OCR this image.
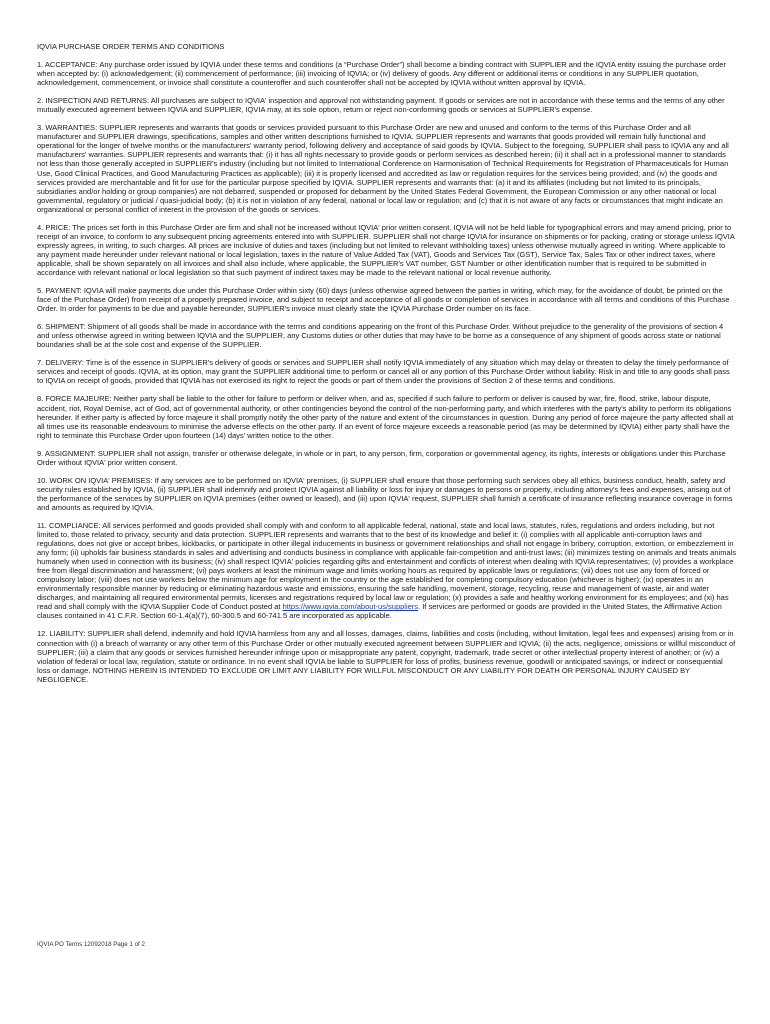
IQVIA PURCHASE ORDER TERMS AND CONDITIONS

1. ACCEPTANCE: Any purchase order issued by IQVIA under these terms and conditions (a “Purchase Order”) shall become a binding contract with SUPPLIER and the IQVIA entity issuing the purchase order when accepted by: (i) acknowledgement; (ii) commencement of performance; (iii) invoicing of IQVIA; or (iv) delivery of goods. Any different or additional items or conditions in any SUPPLIER quotation, acknowledgement, commencement, or invoice shall constitute a counteroffer and such counteroffer shall not be accepted by IQVIA without written approval by IQVIA.

2. INSPECTION AND RETURNS: All purchases are subject to IQVIA' inspection and approval not withstanding payment. If goods or services are not in accordance with these terms and the terms of any other mutually executed agreement between IQVIA and SUPPLIER, IQVIA may, at its sole option, return or reject non-conforming goods or services at SUPPLIER's expense.

3. WARRANTIES: SUPPLIER represents and warrants that goods or services provided pursuant to this Purchase Order are new and unused and conform to the terms of this Purchase Order and all manufacturer and SUPPLIER drawings, specifications, samples and other written descriptions furnished to IQVIA. SUPPLIER represents and warrants that goods provided will remain fully functional and operational for the longer of twelve months or the manufacturers' warranty period, following delivery and acceptance of said goods by IQVIA. Subject to the foregoing, SUPPLIER shall pass to IQVIA any and all manufacturers' warranties. SUPPLIER represents and warrants that: (i) it has all rights necessary to provide goods or perform services as described herein; (ii) it shall act in a professional manner to standards not less than those generally accepted in SUPPLIER's industry (including but not limited to International Conference on Harmonisation of Technical Requirements for Registration of Pharmaceuticals for Human Use, Good Clinical Practices, and Good Manufacturing Practices as applicable); (iii) it is properly licensed and accredited as law or regulation requires for the services being provided; and (iv) the goods and services provided are merchantable and fit for use for the particular purpose specified by IQVIA. SUPPLIER represents and warrants that: (a) it and its affiliates (including but not limited to its principals, subsidiaries and/or holding or group companies) are not debarred, suspended or proposed for debarment by the United States Federal Government, the European Commission or any other national or local governmental, regulatory or judicial / quasi-judicial body; (b) it is not in violation of any federal, national or local law or regulation; and (c) that it is not aware of any facts or circumstances that might indicate an organizational or personal conflict of interest in the provision of the goods or services.

4. PRICE: The prices set forth in this Purchase Order are firm and shall not be increased without IQVIA' prior written consent. IQVIA will not be held liable for typographical errors and may amend pricing, prior to receipt of an invoice, to conform to any subsequent pricing agreements entered into with SUPPLIER. SUPPLIER shall not charge IQVIA for insurance on shipments or for packing, crating or storage unless IQVIA expressly agrees, in writing, to such charges. All prices are inclusive of duties and taxes (including but not limited to relevant withholding taxes) unless otherwise mutually agreed in writing. Where applicable to any payment made hereunder under relevant national or local legislation, taxes in the nature of Value Added Tax (VAT), Goods and Services Tax (GST), Service Tax, Sales Tax or other indirect taxes, where applicable, shall be shown separately on all invoices and shall also include, where applicable, the SUPPLIER's VAT number, GST Number or other identification number that is required to be submitted in accordance with relevant national or local legislation so that such payment of indirect taxes may be made to the relevant national or local revenue authority.

5. PAYMENT: IQVIA will make payments due under this Purchase Order within sixty (60) days (unless otherwise agreed between the parties in writing, which may, for the avoidance of doubt, be printed on the face of the Purchase Order) from receipt of a properly prepared invoice, and subject to receipt and acceptance of all goods or completion of services in accordance with all terms and conditions of this Purchase Order. In order for payments to be due and payable hereunder, SUPPLIER's invoice must clearly state the IQVIA Purchase Order number on its face.

6. SHIPMENT: Shipment of all goods shall be made in accordance with the terms and conditions appearing on the front of this Purchase Order. Without prejudice to the generality of the provisions of section 4 and unless otherwise agreed in writing between IQVIA and the SUPPLIER, any Customs duties or other duties that may have to be borne as a consequence of any shipment of goods across state or national boundaries shall be at the sole cost and expense of the SUPPLIER.

7. DELIVERY: Time is of the essence in SUPPLIER's delivery of goods or services and SUPPLIER shall notify IQVIA immediately of any situation which may delay or threaten to delay the timely performance of services and receipt of goods. IQVIA, at its option, may grant the SUPPLIER additional time to perform or cancel all or any portion of this Purchase Order without liability. Risk in and title to any goods shall pass to IQVIA on receipt of goods, provided that IQVIA has not exercised its right to reject the goods or part of them under the provisions of Section 2 of these terms and conditions.

8. FORCE MAJEURE: Neither party shall be liable to the other for failure to perform or deliver when, and as, specified if such failure to perform or deliver is caused by war, fire, flood, strike, labour dispute, accident, riot, Royal Demise, act of God, act of governmental authority, or other contingencies beyond the control of the non-performing party, and which interferes with the party's ability to perform its obligations hereunder. If either party is affected by force majeure it shall promptly notify the other party of the nature and extent of the circumstances in question. During any period of force majeure the party affected shall at all times use its reasonable endeavours to minimise the adverse effects on the other party. If an event of force majeure exceeds a reasonable period (as may be determined by IQVIA) either party shall have the right to terminate this Purchase Order upon fourteen (14) days' written notice to the other.

9. ASSIGNMENT: SUPPLIER shall not assign, transfer or otherwise delegate, in whole or in part, to any person, firm, corporation or governmental agency, its rights, interests or obligations under this Purchase Order without IQVIA' prior written consent.

10. WORK ON IQVIA' PREMISES: If any services are to be performed on IQVIA' premises, (i) SUPPLIER shall ensure that those performing such services obey all ethics, business conduct, health, safety and security rules established by IQVIA, (ii) SUPPLIER shall indemnify and protect IQVIA against all liability or loss for injury or damages to persons or property, including attorney's fees and expenses, arising out of the performance of the services by SUPPLIER on IQVIA premises (either owned or leased), and (iii) upon IQVIA' request, SUPPLIER shall furnish a certificate of insurance reflecting insurance coverage in forms and amounts as required by IQVIA.

11. COMPLIANCE: All services performed and goods provided shall comply with and conform to all applicable federal, national, state and local laws, statutes, rules, regulations and orders including, but not limited to, those related to privacy, security and data protection. SUPPLIER represents and warrants that to the best of its knowledge and belief it: (i) complies with all applicable anti-corruption laws and regulations, does not give or accept bribes, kickbacks, or participate in other illegal inducements in business or government relationships and shall not engage in bribery, corruption, extortion, or embezzlement in any form; (ii) upholds fair business standards in sales and advertising and conducts business in compliance with applicable fair-competition and anti-trust laws; (iii) minimizes testing on animals and treats animals humanely when used in connection with its business; (iv) shall respect IQVIA' policies regarding gifts and entertainment and conflicts of interest when dealing with IQVIA representatives; (v) provides a workplace free from illegal discrimination and harassment; (vi) pays workers at least the minimum wage and limits working hours as required by applicable laws or regulations; (vii) does not use any form of forced or compulsory labor; (viii) does not use workers below the minimum age for employment in the country or the age established for completing compulsory education (whichever is higher); (ix) operates in an environmentally responsible manner by reducing or eliminating hazardous waste and emissions, ensuring the safe handling, movement, storage, recycling, reuse and management of waste, air and water discharges, and maintaining all required environmental permits, licenses and registrations required by local law or regulation; (x) provides a safe and healthy working environment for its employees; and (xi) has read and shall comply with the IQVIA Supplier Code of Conduct posted at https://www.iqvia.com/about-us/suppliers. If services are performed or goods are provided in the United States, the Affirmative Action clauses contained in 41 C.F.R. Section 60-1.4(a)(7), 60-300.5 and 60-741.5 are incorporated as applicable.

12. LIABILITY: SUPPLIER shall defend, indemnify and hold IQVIA harmless from any and all losses, damages, claims, liabilities and costs (including, without limitation, legal fees and expenses) arising from or in connection with (i) a breach of warranty or any other term of this Purchase Order or other mutually executed agreement between SUPPLIER and IQVIA; (ii) the acts, negligence, omissions or willful misconduct of SUPPLIER; (iii) a claim that any goods or services furnished hereunder infringe upon or misappropriate any patent, copyright, trademark, trade secret or other intellectual property interest of another; or (iv) a violation of federal or local law, regulation, statute or ordinance. In no event shall IQVIA be liable to SUPPLIER for loss of profits, business revenue, goodwill or anticipated savings, or indirect or consequential loss or damage. NOTHING HEREIN IS INTENDED TO EXCLUDE OR LIMIT ANY LIABILITY FOR WILLFUL MISCONDUCT OR ANY LIABILITY FOR DEATH OR PERSONAL INJURY CAUSED BY NEGLIGENCE.

IQVIA PO Terms 12092018 Page 1 of 2
